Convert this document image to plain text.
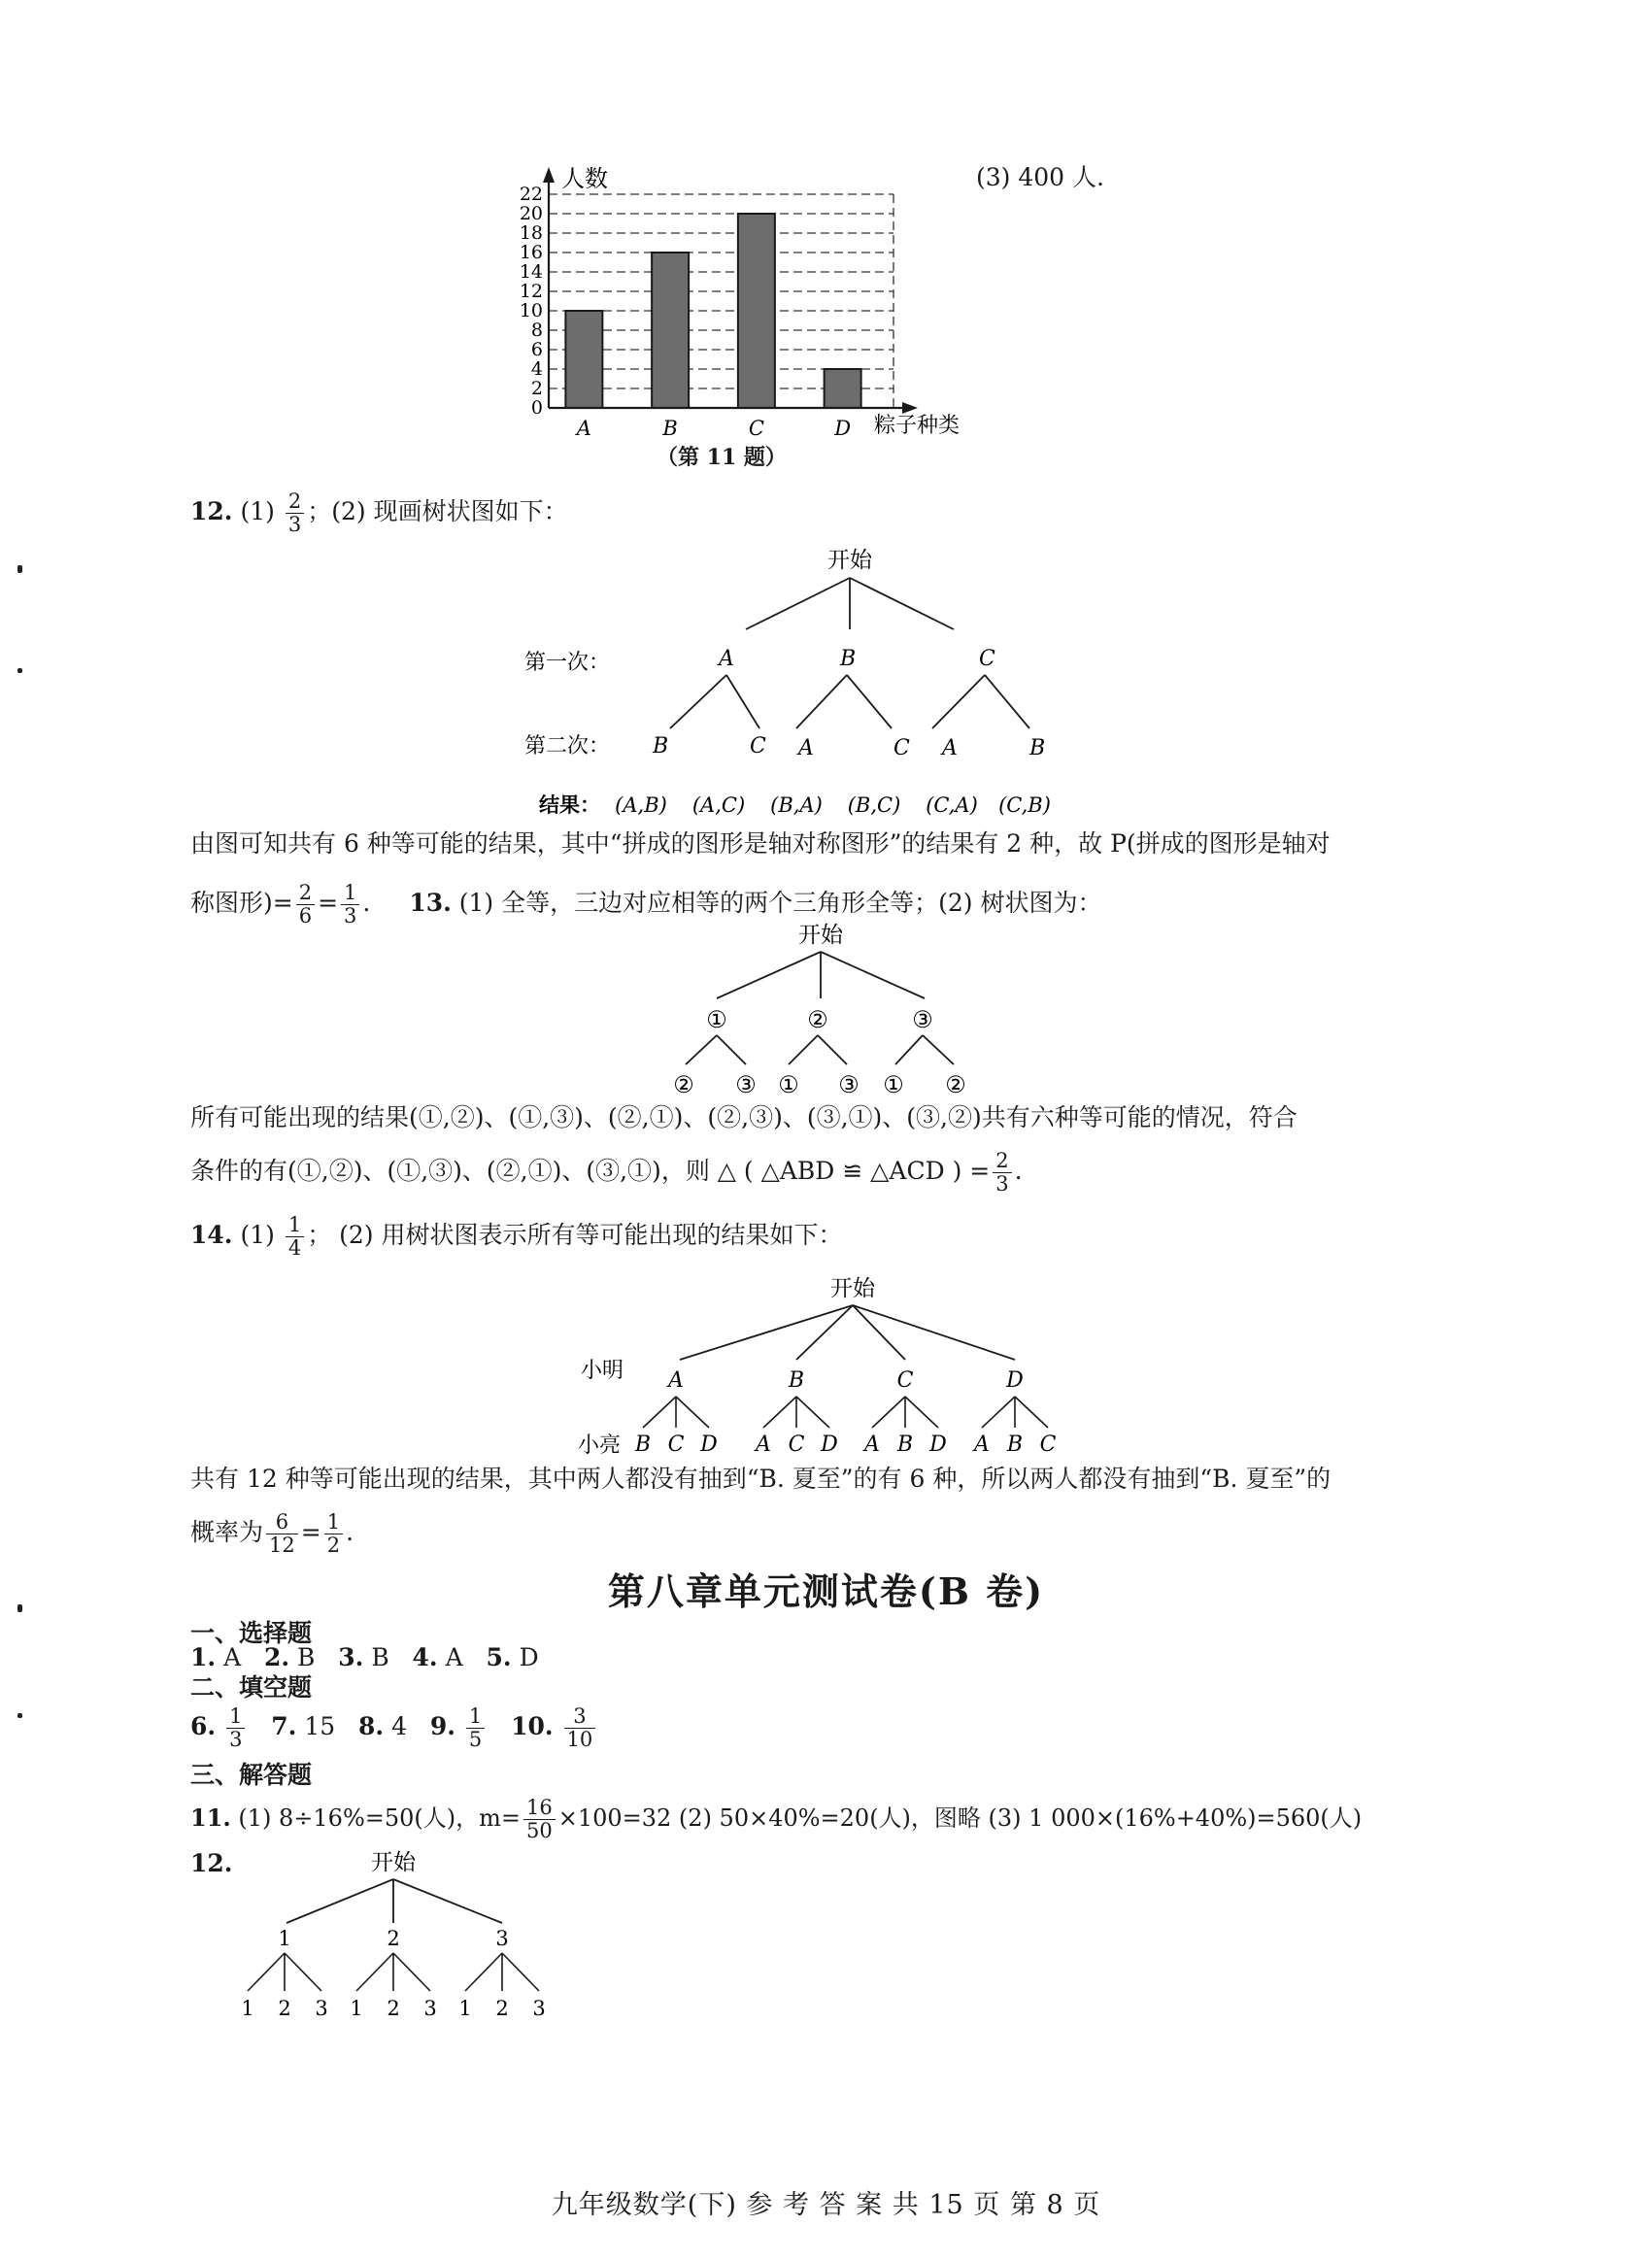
0
2
4
6
8
10
12
14
16
18
20
22
A	B	C	D
人数
粽子种类
（第 11 题）
(3) 400 人.
12. $(1) \frac{2}{3}$ ；(2) 现画树状图如下：
开始
第一次：
第二次：
A	B	C
B	C A	C A	B
结果： (A,B) (A,C) (B,A) (B,C) (C,A) (C,B)
由图可知共有 6 种等可能的结果，其中“拼成的图形是轴对称图形”的结果有 2 种，故 P(拼成的图形是轴对
称图形)= $\frac{2}{6} = \frac{1}{3}$ . 13. (1) 全等，三边对应相等的两个三角形全等；(2) 树状图为：
开始
①	②	③
② ③ ① ③ ① ②
所有可能出现的结果(①,②)、(①,③)、(②,①)、(②,③)、(③,①)、(③,②)共有六种等可能的情况，符合
条件的有(①,②)、(①,③)、(②,①)、(③,①)，则 △ ( △ABD ≌ △ACD ) = $\frac{2}{3}$ .
14. $(1) \frac{1}{4}$ ； (2) 用树状图表示所有等可能出现的结果如下：
开始
小明
小亮
A	B	C	D
B C D A C D A B D A B C
共有 12 种等可能出现的结果，其中两人都没有抽到“B. 夏至”的有 6 种，所以两人都没有抽到“B. 夏至”的
概率为 $\frac{6}{12} = \frac{1}{2}$ .
第八章单元测试卷(B 卷)
一、选择题
1. A 2. B 3. B 4. A 5. D
二、填空题
6. $\frac{1}{3} 7$. 15 8. 4 9. $\frac{1}{5} 10$. $\frac{3}{10}$
三、解答题
11. (1) 8÷16%=50(人)，$m= \frac{16}{50} \times 100=32$ (2) 50×40%=20(人)，图略 (3) 1 000×(16%+40%)=560(人)
12.	开始
1	2	3
1 2 3 1 2 3 1 2 3
九年级数学(下) 参 考 答 案 共 15 页 第 8 页
